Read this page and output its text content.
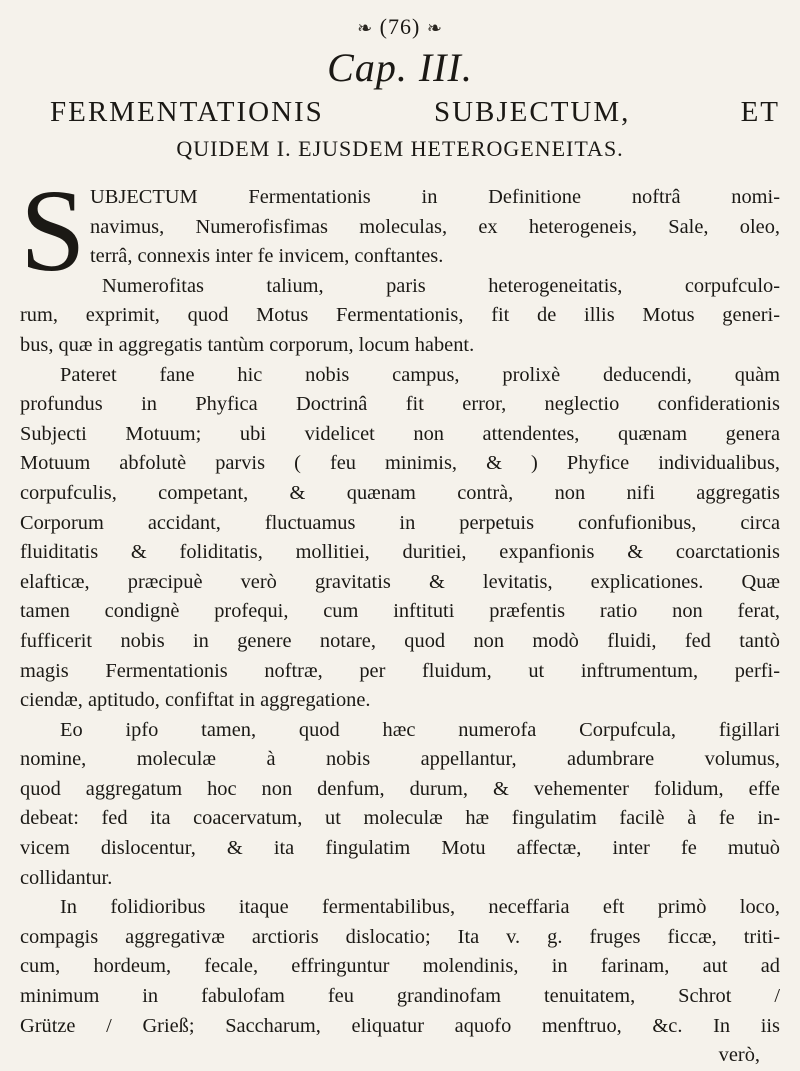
❧ (76) ❧
Cap. III.
FERMENTATIONIS SUBJECTUM, ET
QUIDEM I. EJUSDEM HETEROGENEITAS.
S UBJECTUM Fermentationis in Definitione noftrâ nomi-
navimus, Numerofisfimas moleculas, ex heterogeneis, Sale, oleo,
terrâ, connexis inter fe invicem, conftantes.
Numerofitas talium, paris heterogeneitatis, corpufculo-
rum, exprimit, quod Motus Fermentationis, fit de illis Motus generi-
bus, quæ in aggregatis tantùm corporum, locum habent.
Pateret fane hic nobis campus, prolixè deducendi, quàm
profundus in Phyfica Doctrinâ fit error, neglectio confiderationis
Subjecti Motuum; ubi videlicet non attendentes, quænam genera
Motuum abfolutè parvis ( feu minimis, & ) Phyfice individualibus,
corpufculis, competant, & quænam contrà, non nifi aggregatis
Corporum accidant, fluctuamus in perpetuis confufionibus, circa
fluiditatis & foliditatis, mollitiei, duritiei, expanfionis & coarctationis
elafticæ, præcipuè verò gravitatis & levitatis, explicationes. Quæ
tamen condignè profequi, cum inftituti præfentis ratio non ferat,
fufficerit nobis in genere notare, quod non modò fluidi, fed tantò
magis Fermentationis noftræ, per fluidum, ut inftrumentum, perfi-
ciendæ, aptitudo, confiftat in aggregatione.
Eo ipfo tamen, quod hæc numerofa Corpufcula, figillari
nomine, moleculæ à nobis appellantur, adumbrare volumus,
quod aggregatum hoc non denfum, durum, & vehementer folidum, effe
debeat: fed ita coacervatum, ut moleculæ hæ fingulatim facilè à fe in-
vicem dislocentur, & ita fingulatim Motu affectæ, inter fe mutuò
collidantur.
In folidioribus itaque fermentabilibus, neceffaria eft primò loco,
compagis aggregativæ arctioris dislocatio; Ita v. g. fruges ficcæ, triti-
cum, hordeum, fecale, effringuntur molendinis, in farinam, aut ad
minimum in fabulofam feu grandinofam tenuitatem, Schrot /
Grütze / Grieß; Saccharum, eliquatur aquofo menftruo, &c. In iis
verò,
